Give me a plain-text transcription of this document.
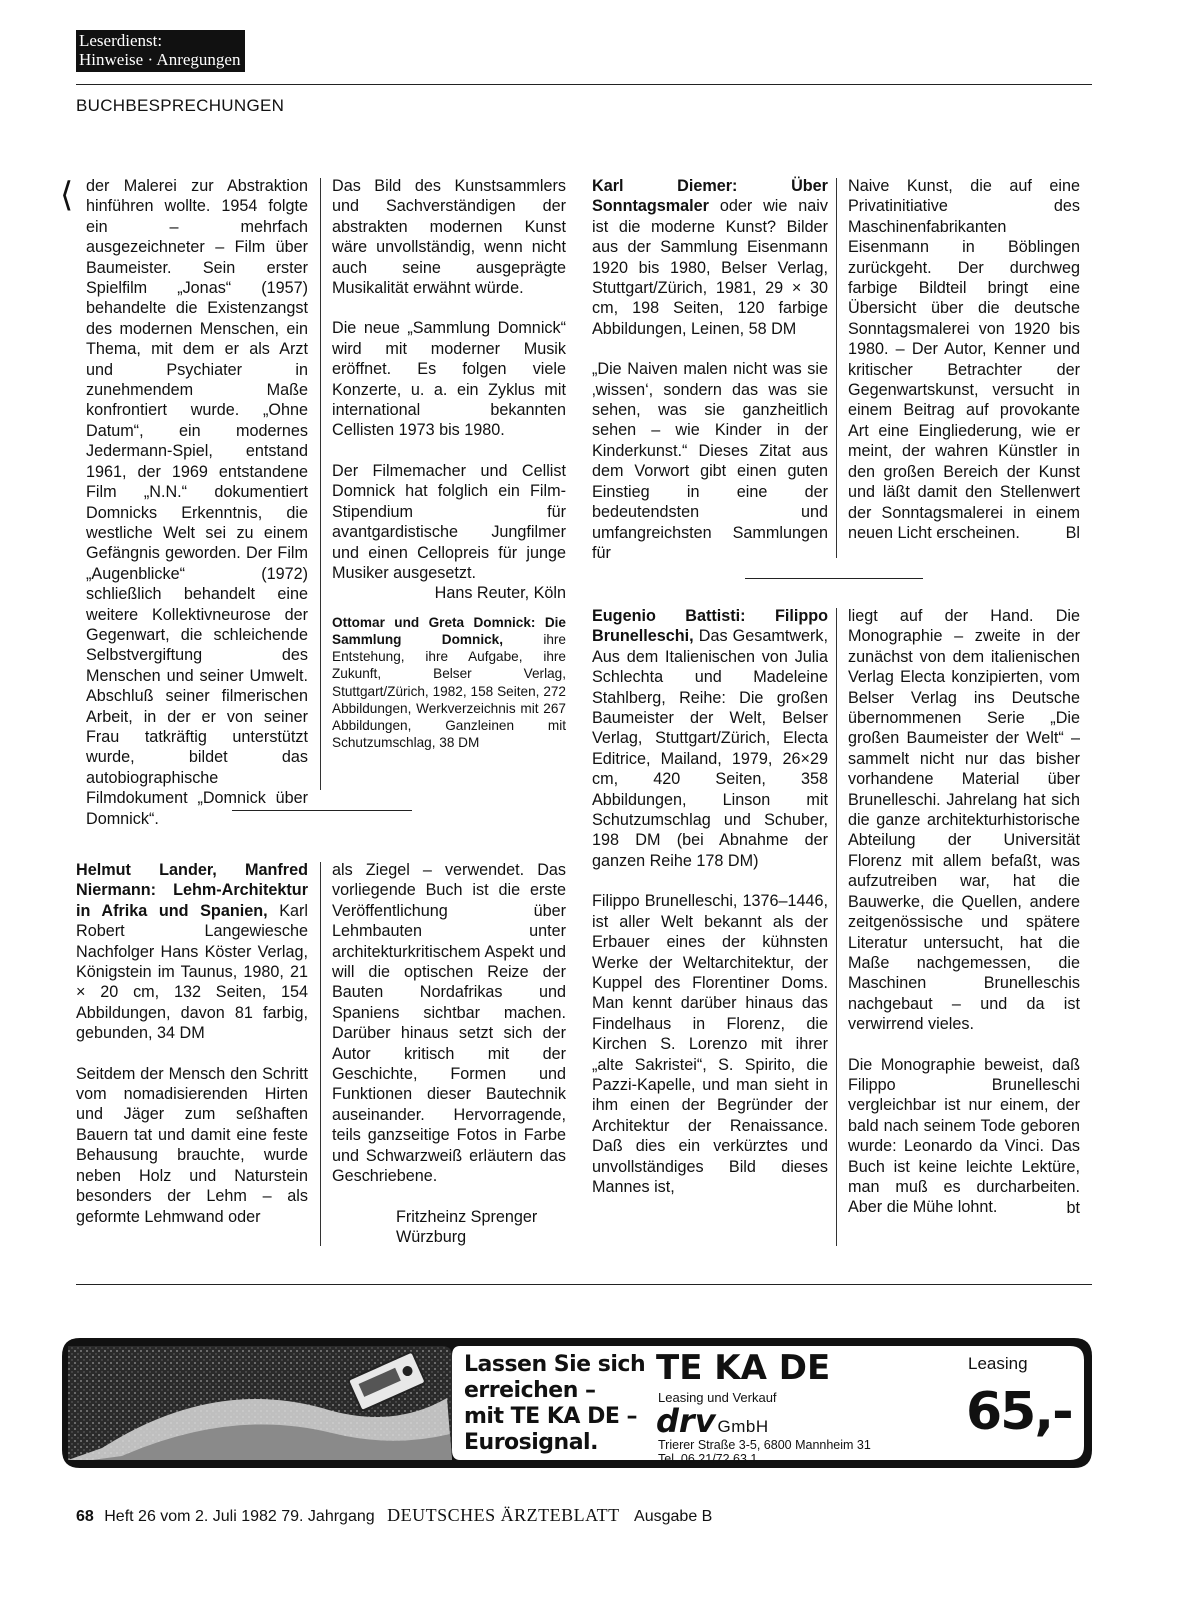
Leserdienst:
Hinweise · Anregungen
BUCHBESPRECHUNGEN
⟨ der Malerei zur Abstraktion hinführen wollte. 1954 folgte ein – mehrfach ausgezeichneter – Film über Baumeister. Sein erster Spielfilm „Jonas“ (1957) behandelte die Existenzangst des modernen Menschen, ein Thema, mit dem er als Arzt und Psychiater in zunehmendem Maße konfrontiert wurde. „Ohne Datum“, ein modernes Jedermann-Spiel, entstand 1961, der 1969 entstandene Film „N.N.“ dokumentiert Domnicks Erkenntnis, die westliche Welt sei zu einem Gefängnis geworden. Der Film „Augenblicke“ (1972) schließlich behandelt eine weitere Kollektivneurose der Gegenwart, die schleichende Selbstvergiftung des Menschen und seiner Umwelt. Abschluß seiner filmerischen Arbeit, in der er von seiner Frau tatkräftig unterstützt wurde, bildet das autobiographische Filmdokument „Domnick über Domnick“.

Das Bild des Kunstsammlers und Sachverständigen der abstrakten modernen Kunst wäre unvollständig, wenn nicht auch seine ausgeprägte Musikalität erwähnt würde.

Die neue „Sammlung Domnick“ wird mit moderner Musik eröffnet. Es folgen viele Konzerte, u. a. ein Zyklus mit international bekannten Cellisten 1973 bis 1980.

Der Filmemacher und Cellist Domnick hat folglich ein Film-Stipendium für avantgardistische Jungfilmer und einen Cellopreis für junge Musiker ausgesetzt.

Hans Reuter, Köln
Ottomar und Greta Domnick: Die Sammlung Domnick, ihre Entstehung, ihre Aufgabe, ihre Zukunft, Belser Verlag, Stuttgart/Zürich, 1982, 158 Seiten, 272 Abbildungen, Werkverzeichnis mit 267 Abbildungen, Ganzleinen mit Schutzumschlag, 38 DM

Karl Diemer: Über Sonntagsmaler oder wie naiv ist die moderne Kunst? Bilder aus der Sammlung Eisenmann 1920 bis 1980, Belser Verlag, Stuttgart/Zürich, 1981, 29 × 30 cm, 198 Seiten, 120 farbige Abbildungen, Leinen, 58 DM

„Die Naiven malen nicht was sie ‚wissen‘, sondern das was sie sehen, was sie ganzheitlich sehen – wie Kinder in der Kinderkunst.“ Dieses Zitat aus dem Vorwort gibt einen guten Einstieg in eine der bedeutendsten und umfangreichsten Sammlungen für

Naive Kunst, die auf eine Privatinitiative des Maschinenfabrikanten Eisenmann in Böblingen zurückgeht. Der durchweg farbige Bildteil bringt eine Übersicht über die deutsche Sonntagsmalerei von 1920 bis 1980. – Der Autor, Kenner und kritischer Betrachter der Gegenwartskunst, versucht in einem Beitrag auf provokante Art eine Eingliederung, wie er meint, der wahren Künstler in den großen Bereich der Kunst und läßt damit den Stellenwert der Sonntagsmalerei in einem neuen Licht erscheinen.	Bl

Helmut Lander, Manfred Niermann: Lehm-Architektur in Afrika und Spanien, Karl Robert Langewiesche Nachfolger Hans Köster Verlag, Königstein im Taunus, 1980, 21 × 20 cm, 132 Seiten, 154 Abbildungen, davon 81 farbig, gebunden, 34 DM

Seitdem der Mensch den Schritt vom nomadisierenden Hirten und Jäger zum seßhaften Bauern tat und damit eine feste Behausung brauchte, wurde neben Holz und Naturstein besonders der Lehm – als geformte Lehmwand oder

als Ziegel – verwendet. Das vorliegende Buch ist die erste Veröffentlichung über Lehmbauten unter architekturkritischem Aspekt und will die optischen Reize der Bauten Nordafrikas und Spaniens sichtbar machen. Darüber hinaus setzt sich der Autor kritisch mit der Geschichte, Formen und Funktionen dieser Bautechnik auseinander. Hervorragende, teils ganzseitige Fotos in Farbe und Schwarzweiß erläutern das Geschriebene.

Fritzheinz Sprenger
Würzburg

Eugenio Battisti: Filippo Brunelleschi, Das Gesamtwerk, Aus dem Italienischen von Julia Schlechta und Madeleine Stahlberg, Reihe: Die großen Baumeister der Welt, Belser Verlag, Stuttgart/Zürich, Electa Editrice, Mailand, 1979, 26×29 cm, 420 Seiten, 358 Abbildungen, Linson mit Schutzumschlag und Schuber, 198 DM (bei Abnahme der ganzen Reihe 178 DM)

Filippo Brunelleschi, 1376–1446, ist aller Welt bekannt als der Erbauer eines der kühnsten Werke der Weltarchitektur, der Kuppel des Florentiner Doms. Man kennt darüber hinaus das Findelhaus in Florenz, die Kirchen S. Lorenzo mit ihrer „alte Sakristei“, S. Spirito, die Pazzi-Kapelle, und man sieht in ihm einen der Begründer der Architektur der Renaissance. Daß dies ein verkürztes und unvollständiges Bild dieses Mannes ist,

liegt auf der Hand. Die Monographie – zweite in der zunächst von dem italienischen Verlag Electa konzipierten, vom Belser Verlag ins Deutsche übernommenen Serie „Die großen Baumeister der Welt“ – sammelt nicht nur das bisher vorhandene Material über Brunelleschi. Jahrelang hat sich die ganze architekturhistorische Abteilung der Universität Florenz mit allem befaßt, was aufzutreiben war, hat die Bauwerke, die Quellen, andere zeitgenössische und spätere Literatur untersucht, hat die Maße nachgemessen, die Maschinen Brunelleschis nachgebaut – und da ist verwirrend vieles.

Die Monographie beweist, daß Filippo Brunelleschi vergleichbar ist nur einem, der bald nach seinem Tode geboren wurde: Leonardo da Vinci. Das Buch ist keine leichte Lektüre, man muß es durcharbeiten. Aber die Mühe lohnt.	bt
Lassen Sie sich
erreichen –
mit TE KA DE –
Eurosignal.
TE KA DE
Leasing und Verkauf
drv GmbH
Trierer Straße 3-5, 6800 Mannheim 31
Tel. 06 21/72 63 1
Leasing
65,-
68 Heft 26 vom 2. Juli 1982 79. Jahrgang DEUTSCHES ÄRZTEBLATT Ausgabe B
